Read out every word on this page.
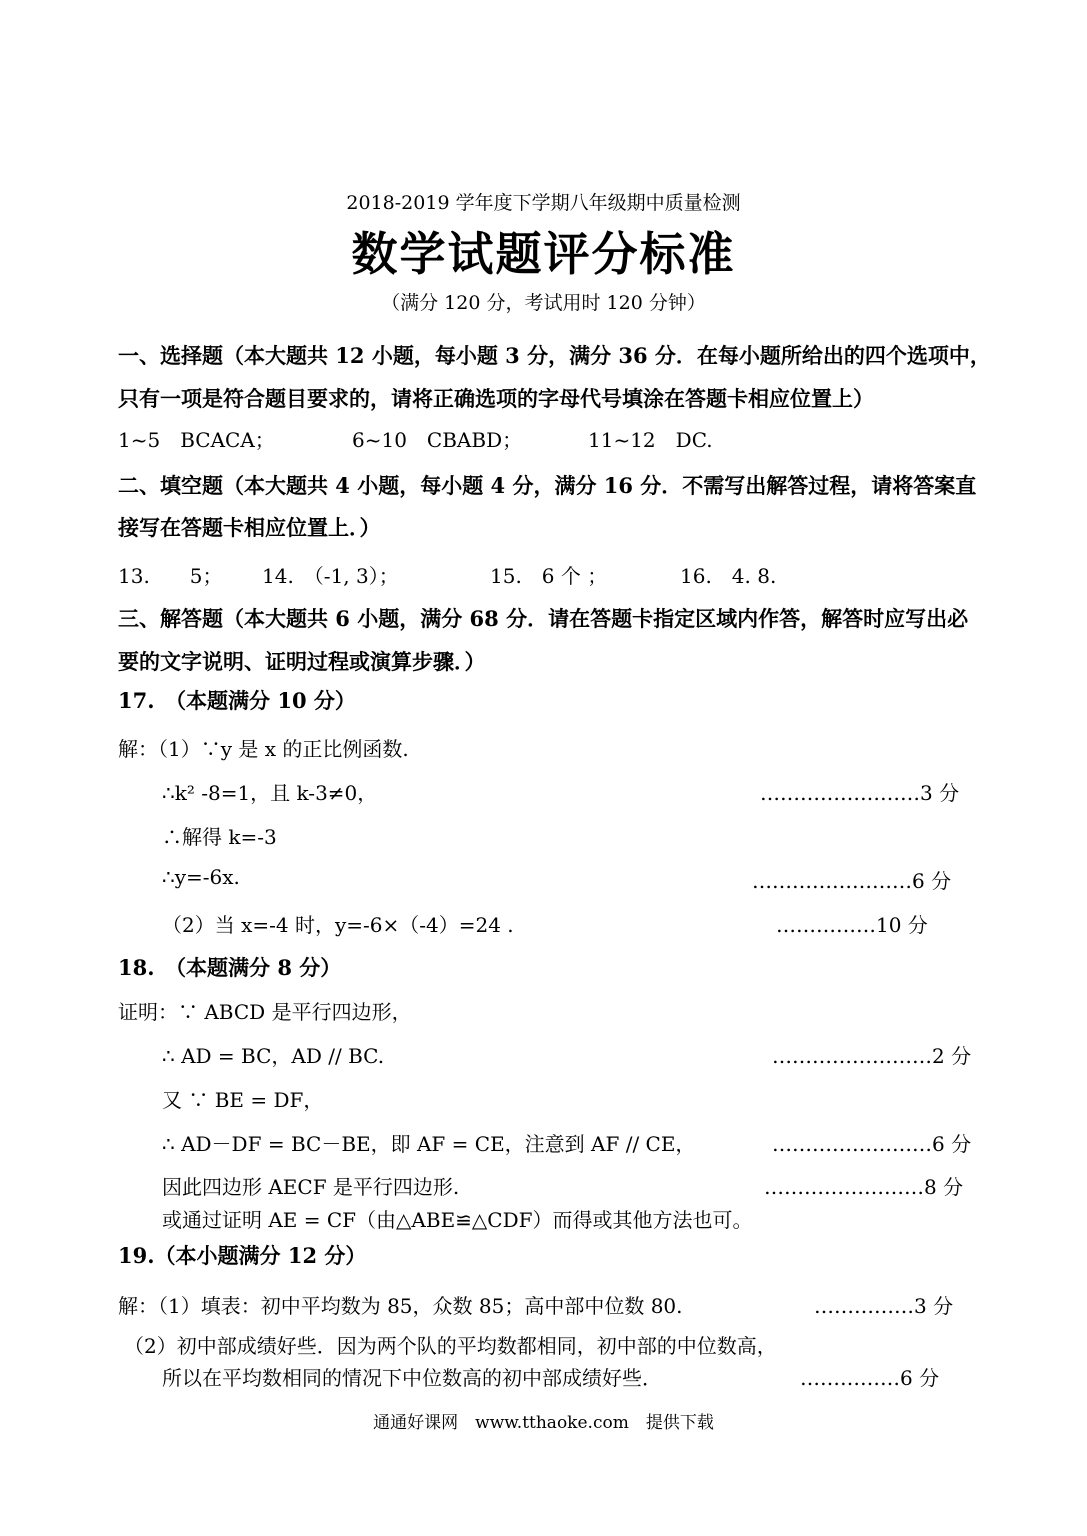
2018-2019 学年度下学期八年级期中质量检测
数学试题评分标准
（满分 120 分，考试用时 120 分钟）
一、选择题（本大题共 12 小题，每小题 3 分，满分 36 分．在每小题所给出的四个选项中，
只有一项是符合题目要求的，请将正确选项的字母代号填涂在答题卡相应位置上）
1~5　BCACA；	6~10　CBABD；	11~12　DC.
二、填空题（本大题共 4 小题，每小题 4 分，满分 16 分．不需写出解答过程，请将答案直
接写在答题卡相应位置上．）
13.　　5； 14.　（-1, 3）；	15.　6 个 ；	16.　4. 8.
三、解答题（本大题共 6 小题，满分 68 分．请在答题卡指定区域内作答，解答时应写出必
要的文字说明、证明过程或演算步骤．）
17.　（本题满分 10 分）
解：（1）∵y 是 x 的正比例函数.
∴k² -8=1，且 k-3≠0，	……………………3 分
∴解得 k=-3
∴y=-6x.	……………………6 分
（2）当 x=-4 时，y=-6×（-4）=24 .	……………10 分
18.　（本题满分 8 分）
证明：∵ ABCD 是平行四边形，
∴ AD = BC，AD // BC.	……………………2 分
又 ∵ BE = DF，
∴ AD－DF = BC－BE，即 AF = CE，注意到 AF // CE，	……………………6 分
因此四边形 AECF 是平行四边形.	……………………8 分
或通过证明 AE = CF（由△ABE≌△CDF）而得或其他方法也可。
19.（本小题满分 12 分）
解：（1）填表：初中平均数为 85，众数 85；高中部中位数 80.	……………3 分
（2）初中部成绩好些．因为两个队的平均数都相同，初中部的中位数高，
所以在平均数相同的情况下中位数高的初中部成绩好些．	……………6 分
通通好课网　www.tthaoke.com　提供下载
